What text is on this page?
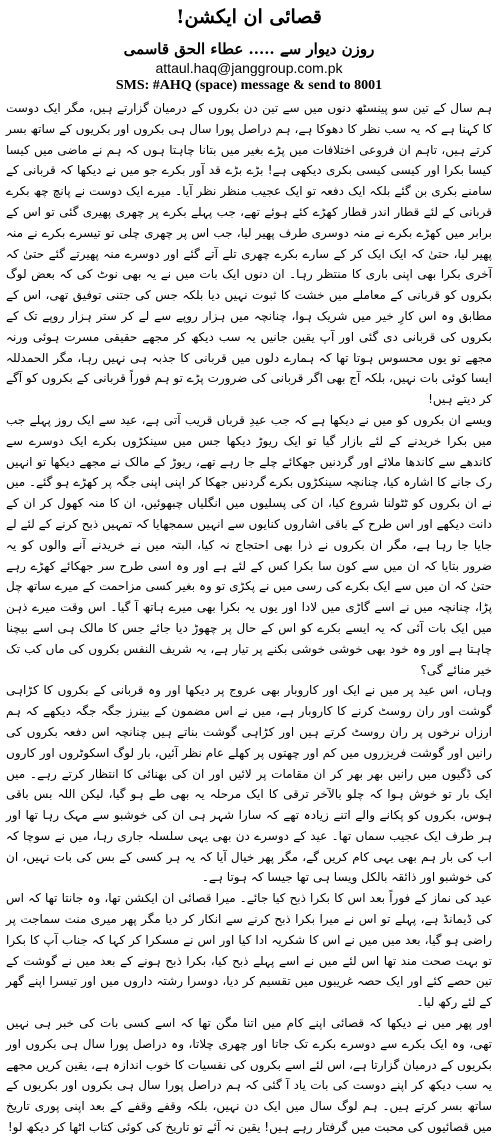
قصائی ان ایکشن!
روزن دیوار سے ..... عطاء الحق قاسمی
attaul.haq@janggroup.com.pk
SMS: #AHQ (space) message & send to 8001

ہم سال کے تین سو پینسٹھ دنوں میں سے تین دن بکروں کے درمیان گزارتے ہیں، مگر ایک دوست کا کہنا ہے کہ یہ سب نظر کا دھوکا ہے، ہم دراصل پورا سال ہی بکروں اور بکریوں کے ساتھ بسر کرتے ہیں، تاہم ان فروعی اختلافات میں پڑے بغیر میں بتانا چاہتا ہوں کہ ہم نے ماضی میں کیسا کیسا بکرا اور کیسی کیسی بکری دیکھی ہے! بڑے بڑے قد آور بکرے جو میں نے دیکھا کہ قربانی کے سامنے بکری بن گئے بلکہ ایک دفعہ تو ایک عجیب منظر نظر آیا۔ میرے ایک دوست نے پانچ چھ بکرے قربانی کے لئے قطار اندر قطار کھڑے کئے ہوئے تھے، جب پہلے بکرے پر چھری پھیری گئی تو اس کے برابر میں کھڑے بکرے نے منہ دوسری طرف پھیر لیا، جب اس پر چھری چلی تو تیسرے بکرے نے منہ پھیر لیا، حتیٰ کہ ایک ایک کر کے سارے بکرے چھری تلے آتے گئے اور دوسرے منہ پھیرتے گئے حتیٰ کہ آخری بکرا بھی اپنی باری کا منتظر رہا۔ ان دنوں ایک بات میں نے یہ بھی نوٹ کی کہ بعض لوگ بکروں کو قربانی کے معاملے میں خشت کا ثبوت نہیں دیا بلکہ جس کی جتنی توفیق تھی، اس کے مطابق وہ اس کارِ خیر میں شریک ہوا، چنانچہ میں ہزار روپے سے لے کر ستر ہزار روپے تک کے بکروں کی قربانی دی گئی اور آپ یقین جانیں یہ سب دیکھ کر مجھے حقیقی مسرت ہوئی ورنہ مجھے تو یوں محسوس ہوتا تھا کہ ہمارے دلوں میں قربانی کا جذبہ ہی نہیں رہا، مگر الحمدللہ ایسا کوئی بات نہیں، بلکہ آج بھی اگر قربانی کی ضرورت پڑے تو ہم فوراً قربانی کے بکروں کو آگے کر دیتے ہیں!

ویسے ان بکروں کو میں نے دیکھا ہے کہ جب عیدِ قرباں قریب آتی ہے، عید سے ایک روز پہلے جب میں بکرا خریدنے کے لئے بازار گیا تو ایک ریوڑ دیکھا جس میں سینکڑوں بکرے ایک دوسرے سے کاندھے سے کاندھا ملائے اور گردنیں جھکائے چلے جا رہے تھے، ریوڑ کے مالک نے مجھے دیکھا تو انہیں رک جانے کا اشارہ کیا، چنانچہ سینکڑوں بکرے گردنیں جھکا کر اپنی اپنی جگہ پر کھڑے ہو گئے۔ میں نے ان بکروں کو ٹٹولنا شروع کیا، ان کی پسلیوں میں انگلیاں چبھوئیں، ان کا منہ کھول کر ان کے دانت دیکھے اور اس طرح کے باقی اشاروں کنایوں سے انہیں سمجھایا کہ تمہیں ذبح کرنے کے لئے لے جایا جا رہا ہے، مگر ان بکروں نے ذرا بھی احتجاج نہ کیا، البتہ میں نے خریدنے آنے والوں کو یہ ضرور بتایا کہ ان میں سے کون سا بکرا کس کے لئے ہے اور وہ اسی طرح سر جھکائے کھڑے رہے حتیٰ کہ ان میں سے ایک بکرے کی رسی میں نے پکڑی تو وہ بغیر کسی مزاحمت کے میرے ساتھ چل پڑا، چنانچہ میں نے اسے گاڑی میں لادا اور یوں یہ بکرا بھی میرے ہاتھ آ گیا۔ اس وقت میرے ذہن میں ایک بات آئی کہ یہ ایسے بکرے کو اس کے حال پر چھوڑ دیا جائے جس کا مالک ہی اسے بیچنا چاہتا ہے اور وہ خود بھی خوشی خوشی بکنے پر تیار ہے، یہ شریف النفس بکروں کی ماں کب تک خیر منائے گی؟

وہاں، اس عید پر میں نے ایک اور کاروبار بھی عروج پر دیکھا اور وہ قربانی کے بکروں کا کڑاہی گوشت اور ران روسٹ کرنے کا کاروبار ہے، میں نے اس مضمون کے بینرز جگہ جگہ دیکھے کہ ہم ارزاں نرخوں پر ران روسٹ کرتے ہیں اور کڑاہی گوشت بناتے ہیں چنانچہ اس دفعہ بکروں کی رانیں اور گوشت فریزروں میں کم اور چھتوں پر کھلے عام نظر آئیں، بار لوگ اسکوٹروں اور کاروں کی ڈگیوں میں رانیں بھر بھر کر ان مقامات پر لائیں اور ان کی بھنائی کا انتظار کرتے رہے۔ میں ایک بار تو خوش ہوا کہ چلو بالآخر ترقی کا ایک مرحلہ یہ بھی طے ہو گیا، لیکن اللہ بس باقی ہوس، بکروں کو پکانے والے اتنے زیادہ تھے کہ سارا شہر ہی ان کی خوشبو سے مہک رہا تھا اور ہر طرف ایک عجیب سماں تھا۔ عید کے دوسرے دن بھی یہی سلسلہ جاری رہا، میں نے سوچا کہ اب کی بار ہم بھی یہی کام کریں گے، مگر پھر خیال آیا کہ یہ ہر کسی کے بس کی بات نہیں، ان کی خوشبو اور ذائقہ بالکل ویسا ہی تھا جیسا کہ ہوتا ہے۔

عید کی نماز کے فوراً بعد اس کا بکرا ذبح کیا جائے۔ میرا قصائی ان ایکشن تھا، وہ جانتا تھا کہ اس کی ڈیمانڈ ہے، پہلے تو اس نے میرا بکرا ذبح کرنے سے انکار کر دیا مگر پھر میری منت سماجت پر راضی ہو گیا، بعد میں میں نے اس کا شکریہ ادا کیا اور اس نے مسکرا کر کہا کہ جناب آپ کا بکرا تو بہت صحت مند تھا اس لئے میں نے اسے پہلے ذبح کیا، بکرا ذبح ہونے کے بعد میں نے گوشت کے تین حصے کئے اور ایک حصہ غریبوں میں تقسیم کر دیا، دوسرا رشتہ داروں میں اور تیسرا اپنے گھر کے لئے رکھ لیا۔

اور پھر میں نے دیکھا کہ قصائی اپنے کام میں اتنا مگن تھا کہ اسے کسی بات کی خبر ہی نہیں تھی، وہ ایک بکرے سے دوسرے بکرے تک جاتا اور چھری چلاتا، وہ دراصل پورا سال ہی بکروں اور بکریوں کے درمیان گزارتا ہے، اس لئے اسے بکروں کی نفسیات کا خوب اندازہ ہے، یقین کریں مجھے یہ سب دیکھ کر اپنے دوست کی بات یاد آ گئی کہ ہم دراصل پورا سال ہی بکروں اور بکریوں کے ساتھ بسر کرتے ہیں۔ ہم لوگ سال میں ایک دن نہیں، بلکہ وقفے وقفے کے بعد اپنی پوری تاریخ میں قصائیوں کی محبت میں گرفتار رہے ہیں! یقین نہ آئے تو تاریخ کی کوئی کتاب اٹھا کر دیکھ لو!
